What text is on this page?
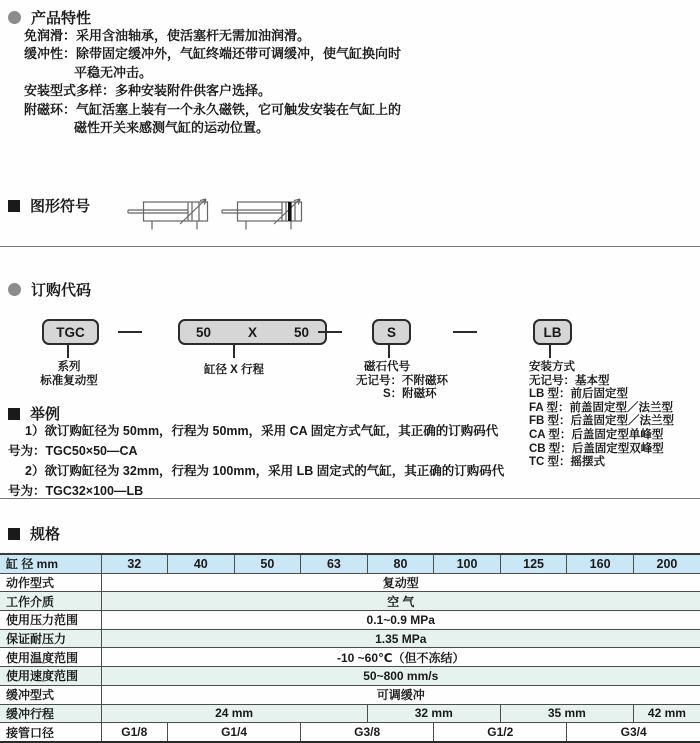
产品特性
免润滑：采用含油轴承，使活塞杆无需加油润滑。
缓冲性：除带固定缓冲外，气缸终端还带可调缓冲，使气缸换向时
平稳无冲击。
安装型式多样：多种安装附件供客户选择。
附磁环：气缸活塞上装有一个永久磁铁，它可触发安装在气缸上的
磁性开关来感测气缸的运动位置。
图形符号
订购代码
TGC	50	X	50	S	LB
系列
标准复动型
缸径 X 行程	磁石代号
无记号：不附磁环
S：附磁环
安装方式
无记号：基本型
LB 型：前后固定型
FA 型：前盖固定型／法兰型
FB 型：后盖固定型／法兰型
CA 型：后盖固定型单峰型
CB 型：后盖固定型双峰型
TC 型：摇摆式
举例
1）欲订购缸径为 50mm，行程为 50mm，采用 CA 固定方式气缸，其正确的订购码代
号为：TGC50×50—CA
2）欲订购缸径为 32mm，行程为 100mm，采用 LB 固定式的气缸，其正确的订购码代
号为：TGC32×100—LB
规格
缸 径 mm	32	40	50	63	80	100	125	160	200
动作型式	复动型								
工作介质	空 气								
使用压力范围	0.1~0.9 MPa								
保证耐压力	1.35 MPa								
使用温度范围	-10 ~60℃（但不冻结）								
使用速度范围	50~800 mm/s								
缓冲型式	可调缓冲								
缓冲行程	24 mm				32 mm		35 mm		42 mm
接管口径	G1/8	G1/4		G3/8		G1/2		G3/4	
